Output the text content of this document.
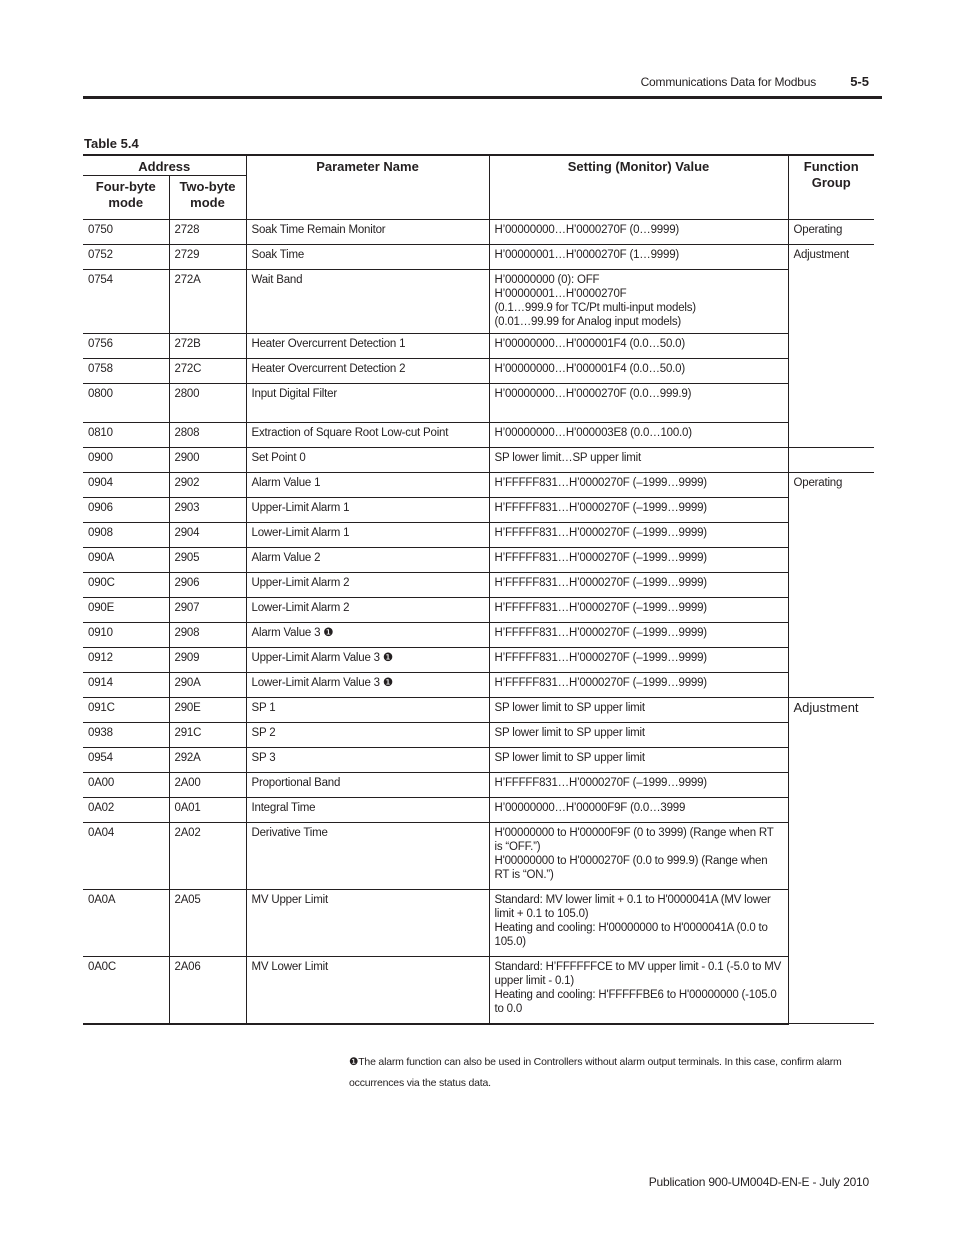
Communications Data for Modbus	5-5
Table 5.4
Address		Parameter Name	Setting (Monitor) Value	Function Group
Four-byte mode	Two-byte mode			
0750	2728	Soak Time Remain Monitor	H’00000000…H’0000270F (0…9999)	Operating
0752	2729	Soak Time	H’00000001…H’0000270F (1…9999)	Adjustment
0754	272A	Wait Band	H’00000000 (0): OFF
H’00000001…H’0000270F
(0.1…999.9 for TC/Pt multi-input models)
(0.01…99.99 for Analog input models)	
0756	272B	Heater Overcurrent Detection 1	H’00000000…H’000001F4 (0.0…50.0)	
0758	272C	Heater Overcurrent Detection 2	H’00000000…H’000001F4 (0.0…50.0)	
0800	2800	Input Digital Filter	H’00000000…H’0000270F (0.0…999.9)	
0810	2808	Extraction of Square Root Low-cut Point	H’00000000…H’000003E8 (0.0…100.0)	
0900	2900	Set Point 0	SP lower limit…SP upper limit	
0904	2902	Alarm Value 1	H’FFFFF831…H’0000270F (–1999…9999)	Operating
0906	2903	Upper-Limit Alarm 1	H’FFFFF831…H’0000270F (–1999…9999)	
0908	2904	Lower-Limit Alarm 1	H’FFFFF831…H’0000270F (–1999…9999)	
090A	2905	Alarm Value 2	H’FFFFF831…H’0000270F (–1999…9999)	
090C	2906	Upper-Limit Alarm 2	H’FFFFF831…H’0000270F (–1999…9999)	
090E	2907	Lower-Limit Alarm 2	H’FFFFF831…H’0000270F (–1999…9999)	
0910	2908	Alarm Value 3 ❶	H’FFFFF831…H’0000270F (–1999…9999)	
0912	2909	Upper-Limit Alarm Value 3 ❶	H’FFFFF831…H’0000270F (–1999…9999)	
0914	290A	Lower-Limit Alarm Value 3 ❶	H’FFFFF831…H’0000270F (–1999…9999)	
091C	290E	SP 1	SP lower limit to SP upper limit	Adjustment
0938	291C	SP 2	SP lower limit to SP upper limit	
0954	292A	SP 3	SP lower limit to SP upper limit	
0A00	2A00	Proportional Band	H’FFFFF831…H’0000270F (–1999…9999)	
0A02	0A01	Integral Time	H’00000000…H’00000F9F (0.0…3999	
0A04	2A02	Derivative Time	H'00000000 to H'00000F9F (0 to 3999) (Range when RT is “OFF.”)
H'00000000 to H'0000270F (0.0 to 999.9) (Range when RT is “ON.”)	
0A0A	2A05	MV Upper Limit	Standard: MV lower limit + 0.1 to H'0000041A (MV lower limit + 0.1 to 105.0)
Heating and cooling: H'00000000 to H'0000041A (0.0 to 105.0)	
0A0C	2A06	MV Lower Limit	Standard: H’FFFFFFCE to MV upper limit - 0.1 (-5.0 to MV upper limit - 0.1)
Heating and cooling: H'FFFFFBE6 to H'00000000 (-105.0 to 0.0	
❶The alarm function can also be used in Controllers without alarm output terminals. In this case, confirm alarm occurrences via the status data.
Publication 900-UM004D-EN-E - July 2010
